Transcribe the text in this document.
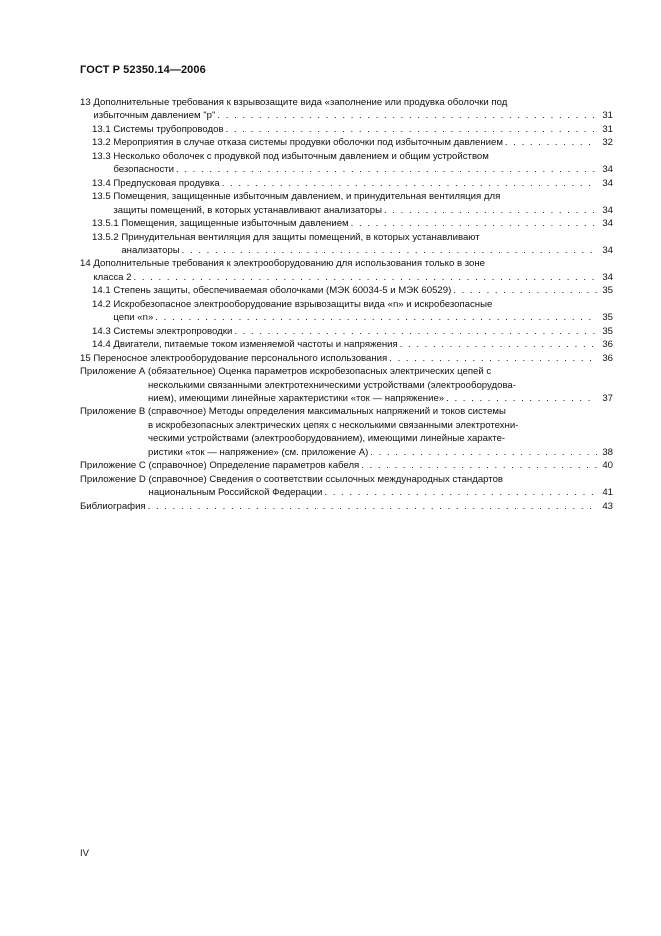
ГОСТ Р 52350.14—2006
13 Дополнительные требования к взрывозащите вида «заполнение или продувка оболочки под
избыточным давлением "p" . . .	31
13.1 Системы трубопроводов . . .	31
13.2 Мероприятия в случае отказа системы продувки оболочки под избыточным давлением . . .	32
13.3 Несколько оболочек с продувкой под избыточным давлением и общим устройством
безопасности . . .	34
13.4 Предпусковая продувка . . .	34
13.5 Помещения, защищенные избыточным давлением, и принудительная вентиляция для
защиты помещений, в которых устанавливают анализаторы . . .	34
13.5.1 Помещения, защищенные избыточным давлением . . .	34
13.5.2 Принудительная вентиляция для защиты помещений, в которых устанавливают
анализаторы . . .	34
14 Дополнительные требования к электрооборудованию для использования только в зоне
класса 2 . . .	34
14.1 Степень защиты, обеспечиваемая оболочками (МЭК 60034-5 и МЭК 60529) . . .	35
14.2 Искробезопасное электрооборудование взрывозащиты вида «n» и искробезопасные
цепи «n» . . .	35
14.3 Системы электропроводки . . .	35
14.4 Двигатели, питаемые током изменяемой частоты и напряжения . . .	36
15 Переносное электрооборудование персонального использования . . .	36
Приложение А (обязательное) Оценка параметров искробезопасных электрических цепей с
несколькими связанными электротехническими устройствами (электрооборудова-
нием), имеющими линейные характеристики «ток — напряжение» . . .	37
Приложение В (справочное) Методы определения максимальных напряжений и токов системы
в искробезопасных электрических цепях с несколькими связанными электротехни-
ческими устройствами (электрооборудованием), имеющими линейные характе-
ристики «ток — напряжение» (см. приложение А) . . .	38
Приложение С (справочное) Определение параметров кабеля . . .	40
Приложение D (справочное) Сведения о соответствии ссылочных международных стандартов
национальным Российской Федерации . . .	41
Библиография . . .	43
IV
